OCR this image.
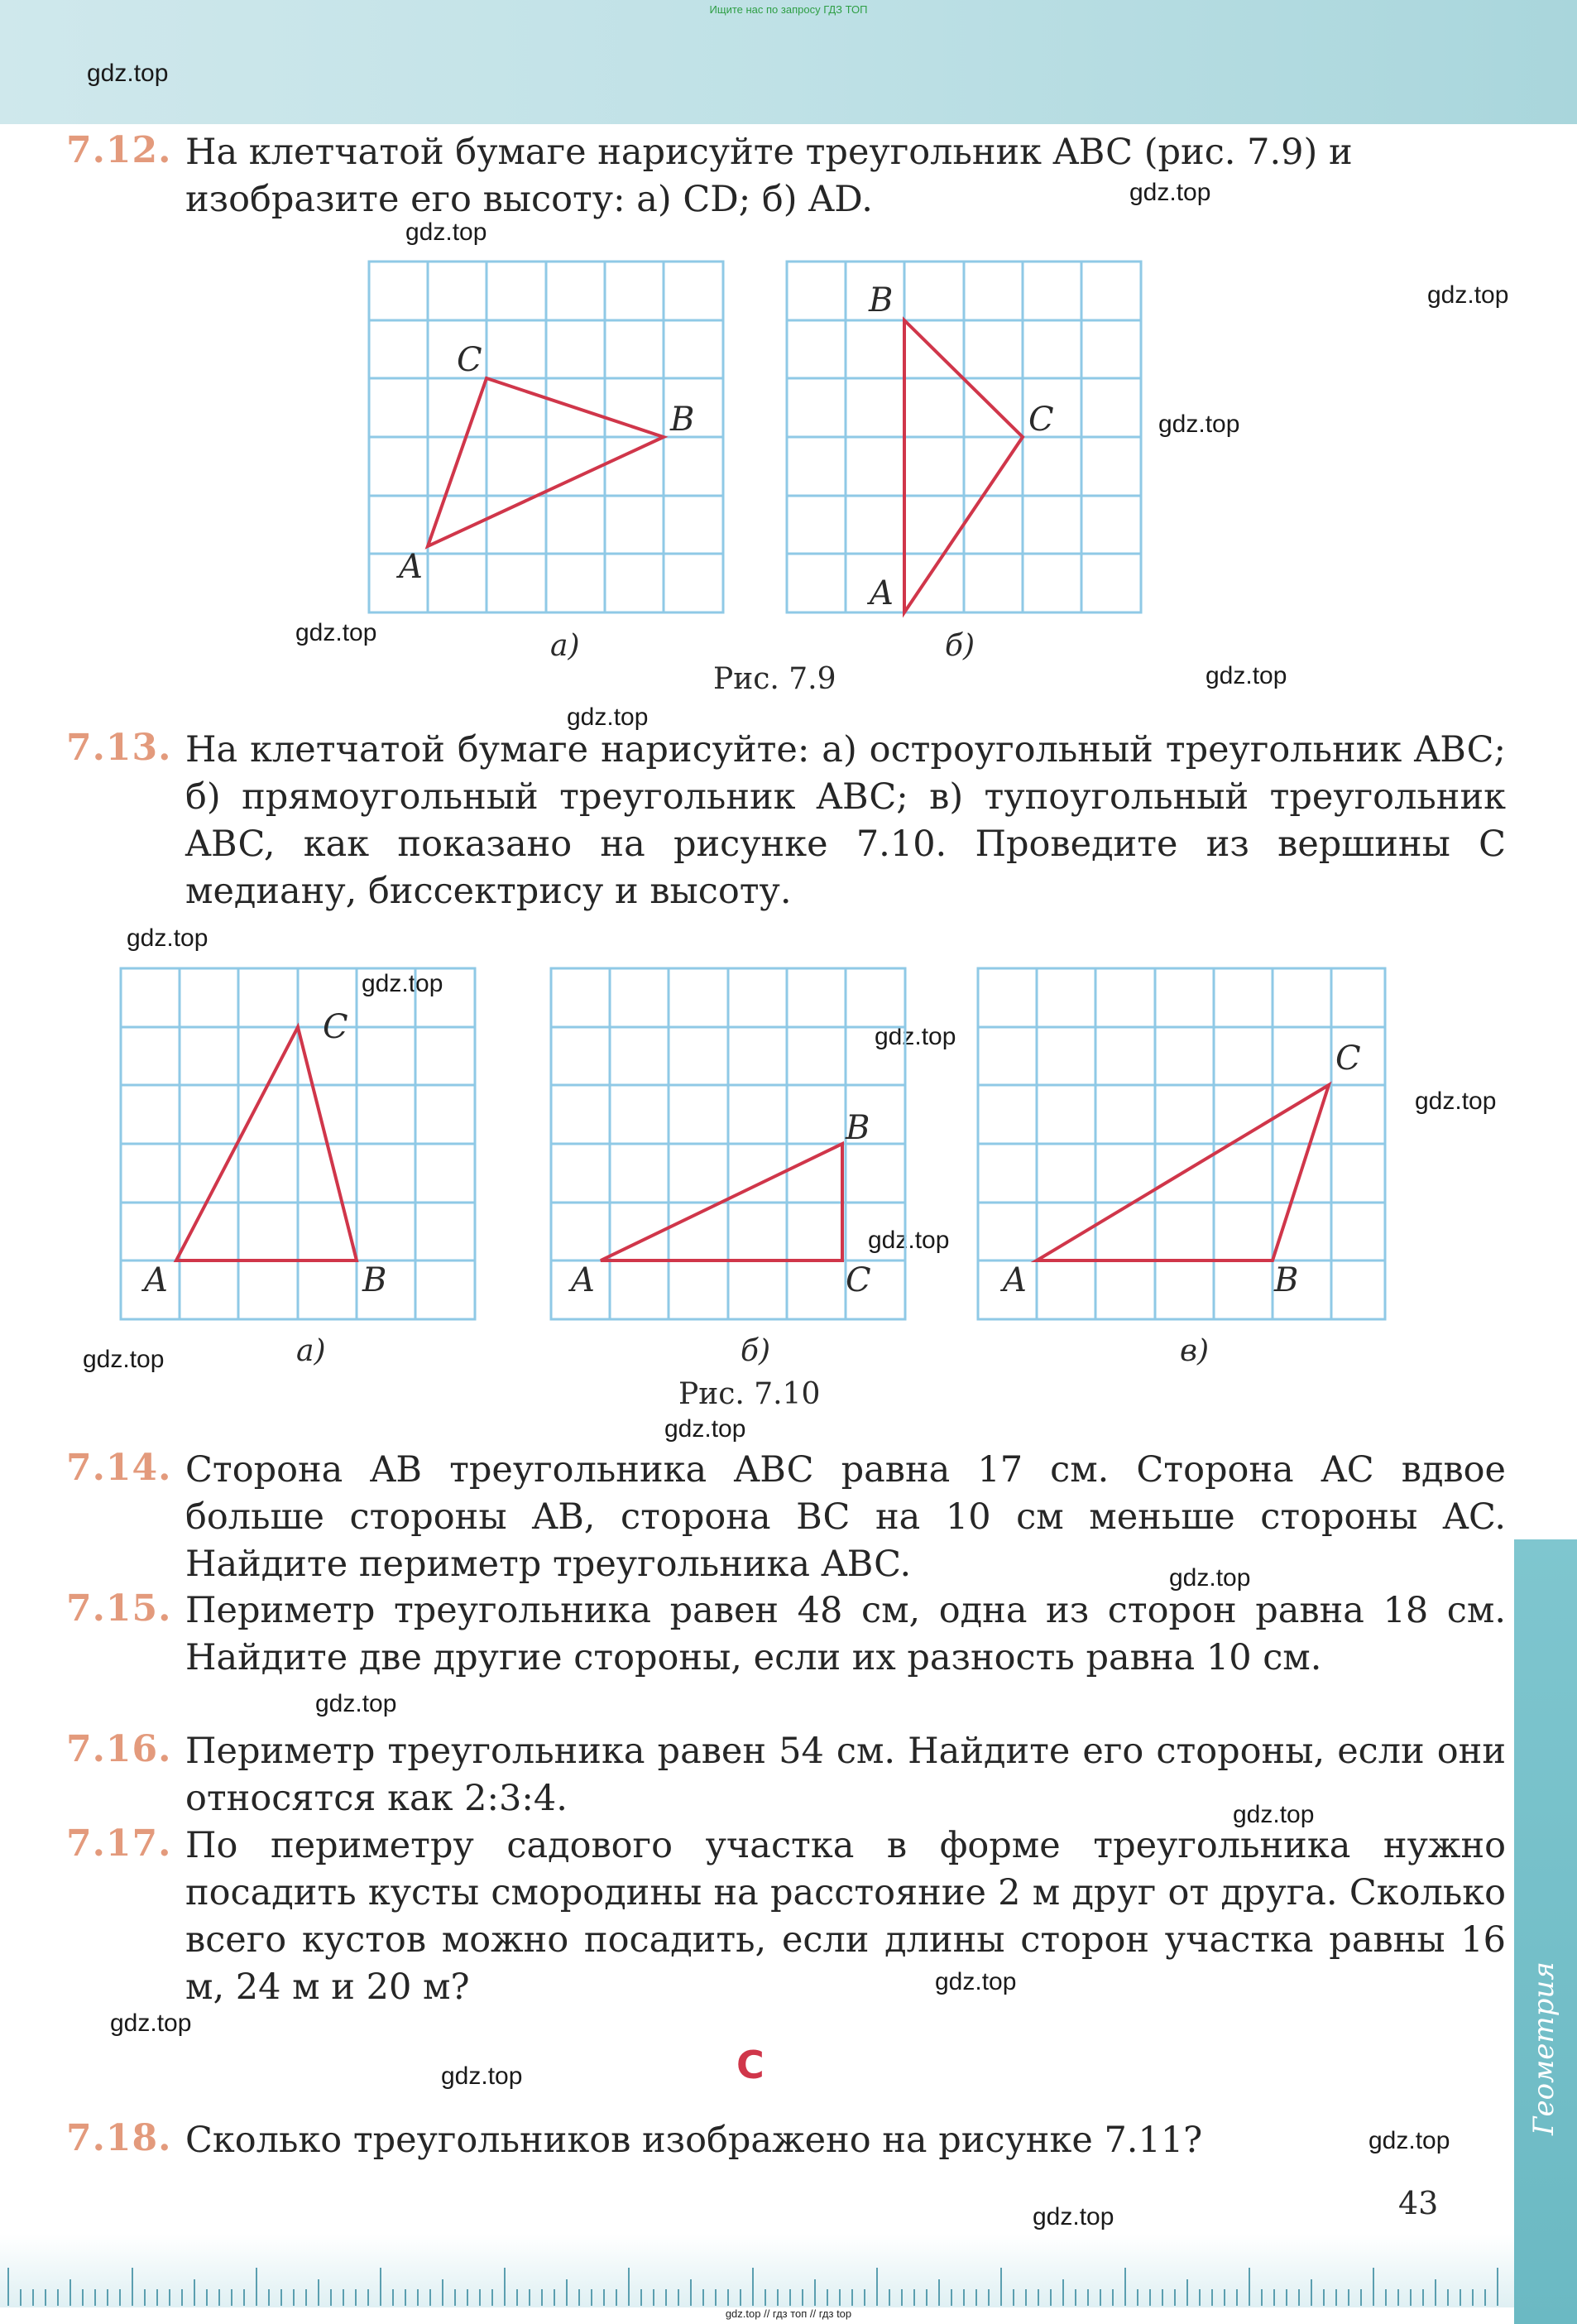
Ищите нас по запросу ГДЗ ТОП
gdz.top
gdz.top
gdz.top
gdz.top
gdz.top
gdz.top
gdz.top
gdz.top
gdz.top
gdz.top
gdz.top
gdz.top
gdz.top
gdz.top
gdz.top
gdz.top
gdz.top
gdz.top
gdz.top
gdz.top
gdz.top
gdz.top
gdz.top
7.12. На клетчатой бумаге нарисуйте треугольник ABC (рис. 7.9) и
изобразите его высоту: а) CD; б) AD.
A
C
B
а)
B
C
A
б)
Рис. 7.9
7.13. На клетчатой бумаге нарисуйте: а) остроугольный треугольник ABC; б) прямоугольный треугольник ABC; в) тупоугольный треугольник ABC, как показано на рисунке 7.10. Проведите из вершины C медиану, биссектрису и высоту.
A	B
C
а)
A
B
C
б)
A	B
C
в)
Рис. 7.10
7.14. Сторона AB треугольника ABC равна 17 см. Сторона AC вдвое больше стороны AB, сторона BC на 10 см меньше стороны AC. Найдите периметр треугольника ABC.
7.15. Периметр треугольника равен 48 см, одна из сторон равна 18 см. Найдите две другие стороны, если их разность равна 10 см.
7.16. Периметр треугольника равен 54 см. Найдите его стороны, если они относятся как 2:3:4.
7.17. По периметру садового участка в форме треугольника нужно посадить кусты смородины на расстояние 2 м друг от друга. Сколько всего кустов можно посадить, если длины сторон участка равны 16 м, 24 м и 20 м?
C
7.18. Сколько треугольников изображено на рисунке 7.11?
43
Геометрия
gdz.top // гдз топ // гдз top
